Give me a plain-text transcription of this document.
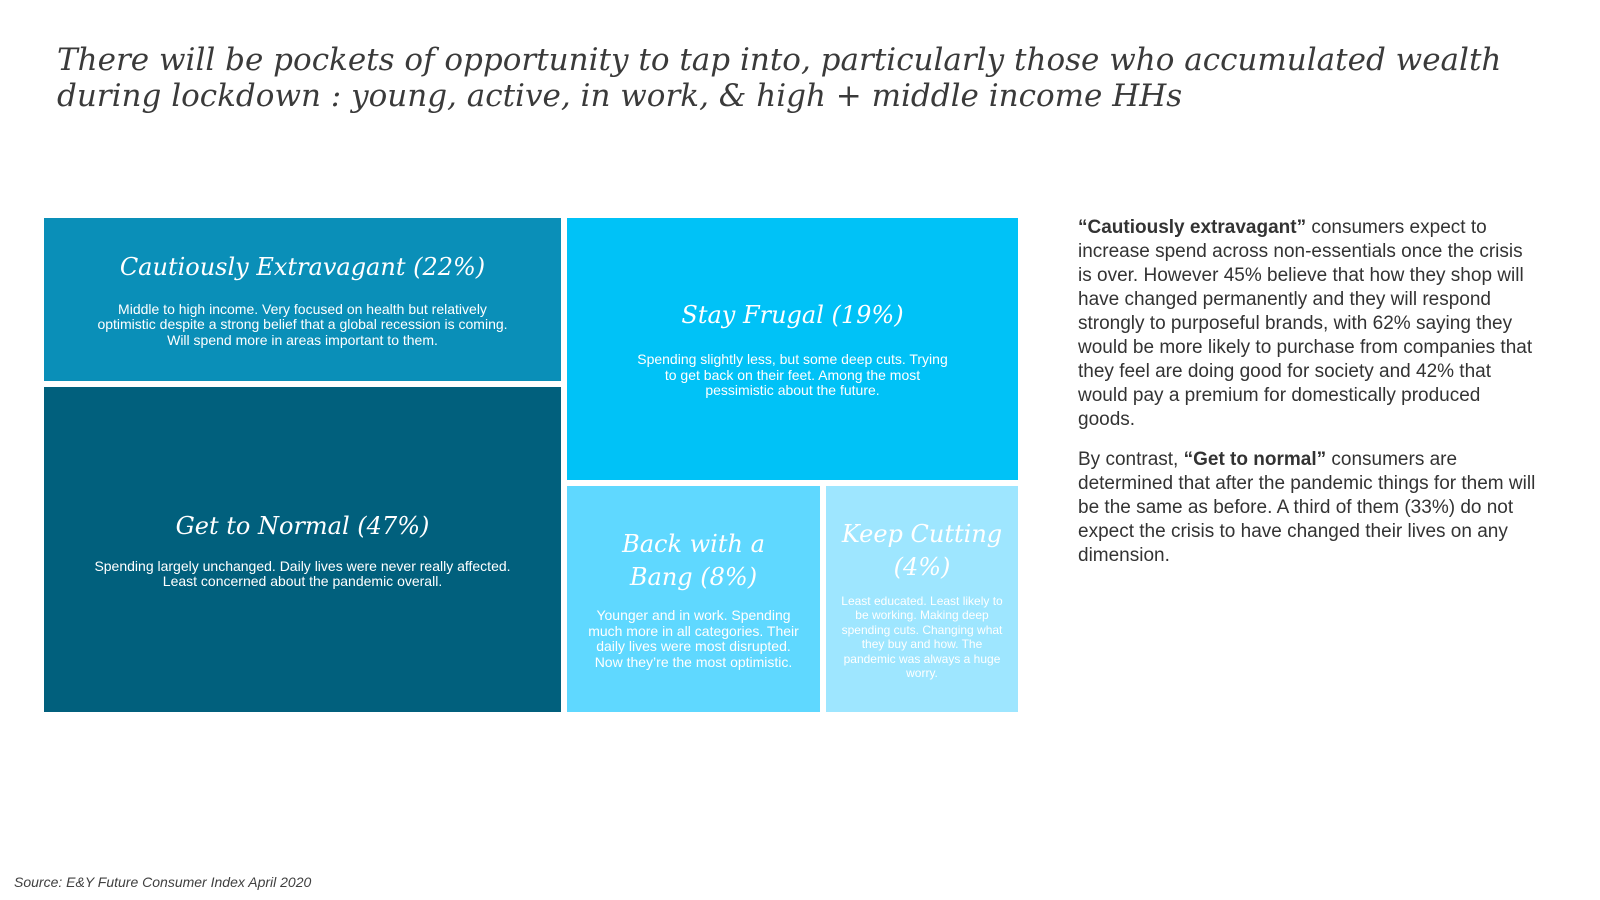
There will be pockets of opportunity to tap into, particularly those who accumulated wealth during lockdown : young, active, in work, & high + middle income HHs
Cautiously Extravagant (22%)
Middle to high income. Very focused on health but relatively optimistic despite a strong belief that a global recession is coming. Will spend more in areas important to them.
Get to Normal (47%)
Spending largely unchanged. Daily lives were never really affected. Least concerned about the pandemic overall.
Stay Frugal (19%)
Spending slightly less, but some deep cuts. Trying to get back on their feet. Among the most pessimistic about the future.
Back with a Bang (8%)
Younger and in work. Spending much more in all categories. Their daily lives were most disrupted. Now they’re the most optimistic.
Keep Cutting (4%)
Least educated. Least likely to be working. Making deep spending cuts. Changing what they buy and how. The pandemic was always a huge worry.

“Cautiously extravagant” consumers expect to increase spend across non-essentials once the crisis is over. However 45% believe that how they shop will have changed permanently and they will respond strongly to purposeful brands, with 62% saying they would be more likely to purchase from companies that they feel are doing good for society and 42% that would pay a premium for domestically produced goods.

By contrast, “Get to normal” consumers are determined that after the pandemic things for them will be the same as before. A third of them (33%) do not expect the crisis to have changed their lives on any dimension.

Source: E&Y Future Consumer Index April 2020
